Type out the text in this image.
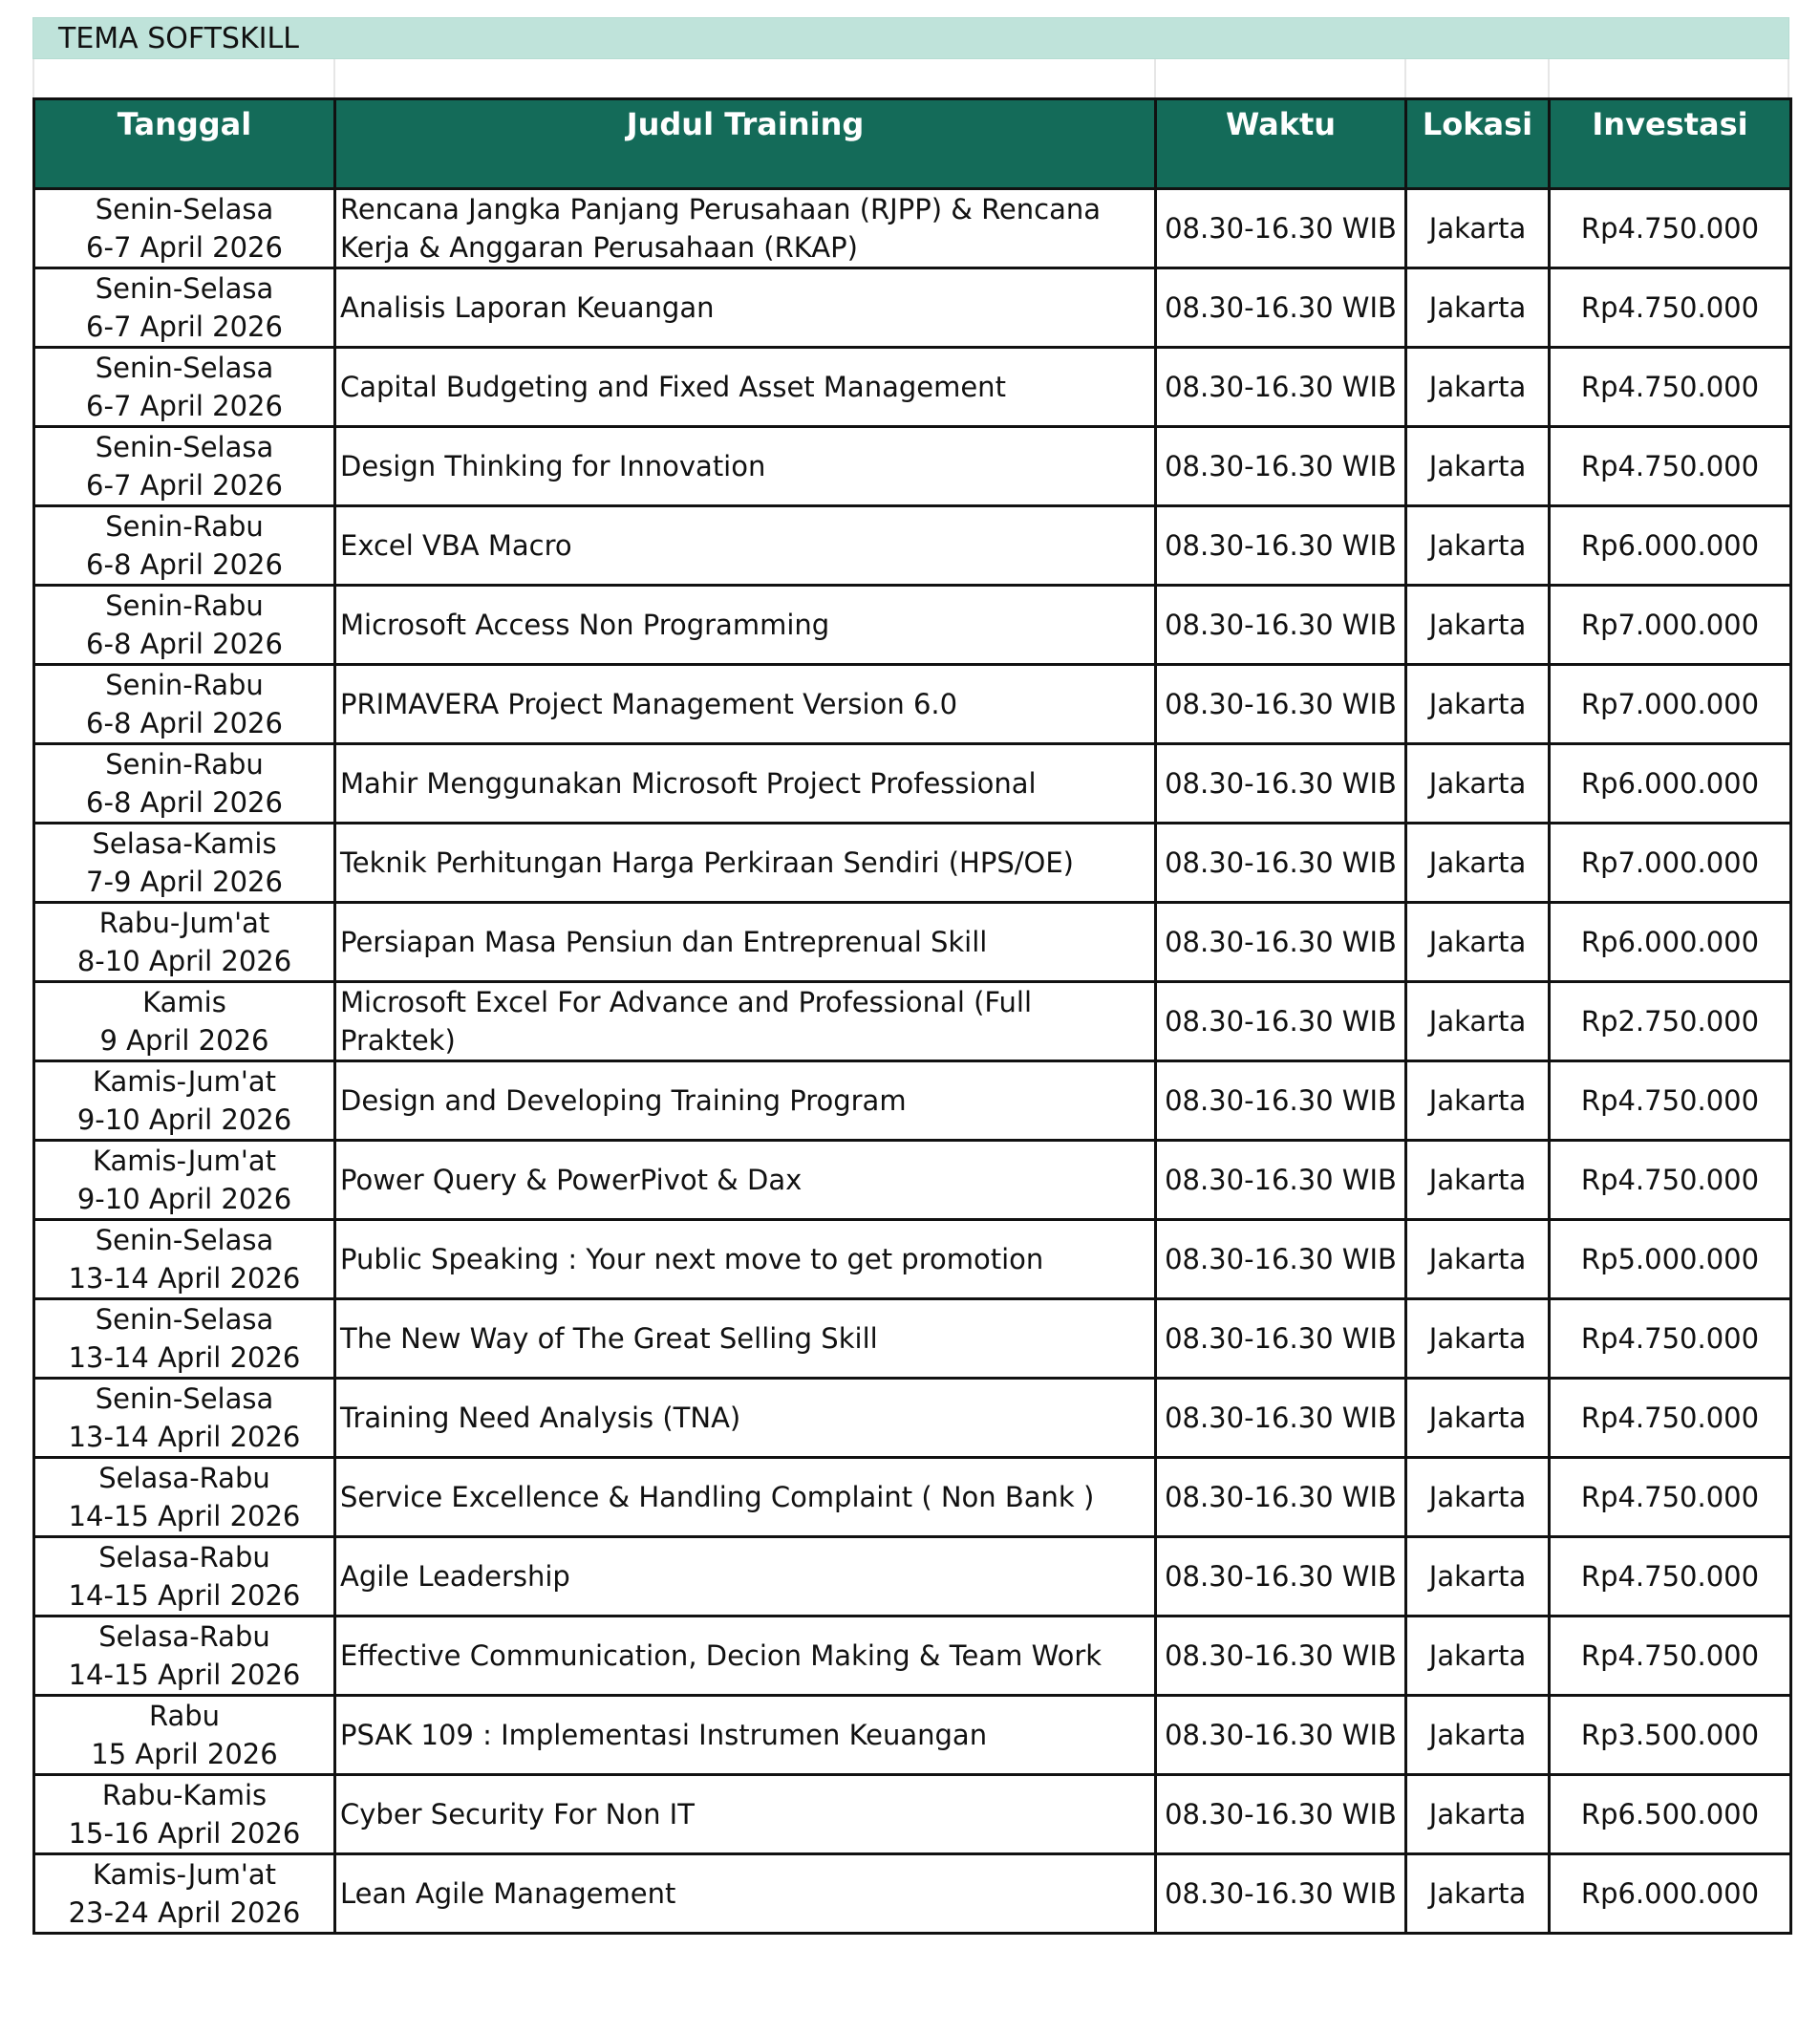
TEMA SOFTSKILL
Tanggal	Judul Training	Waktu	Lokasi	Investasi

Senin-Selasa
6-7 April 2026	Rencana Jangka Panjang Perusahaan (RJPP) & Rencana Kerja & Anggaran Perusahaan (RKAP)	08.30-16.30 WIB	Jakarta	Rp4.750.000

Senin-Selasa
6-7 April 2026	Analisis Laporan Keuangan	08.30-16.30 WIB	Jakarta	Rp4.750.000

Senin-Selasa
6-7 April 2026	Capital Budgeting and Fixed Asset Management	08.30-16.30 WIB	Jakarta	Rp4.750.000

Senin-Selasa
6-7 April 2026	Design Thinking for Innovation	08.30-16.30 WIB	Jakarta	Rp4.750.000

Senin-Rabu
6-8 April 2026	Excel VBA Macro	08.30-16.30 WIB	Jakarta	Rp6.000.000

Senin-Rabu
6-8 April 2026	Microsoft Access Non Programming	08.30-16.30 WIB	Jakarta	Rp7.000.000

Senin-Rabu
6-8 April 2026	PRIMAVERA Project Management Version 6.0	08.30-16.30 WIB	Jakarta	Rp7.000.000

Senin-Rabu
6-8 April 2026	Mahir Menggunakan Microsoft Project Professional	08.30-16.30 WIB	Jakarta	Rp6.000.000

Selasa-Kamis
7-9 April 2026	Teknik Perhitungan Harga Perkiraan Sendiri (HPS/OE)	08.30-16.30 WIB	Jakarta	Rp7.000.000

Rabu-Jum'at
8-10 April 2026	Persiapan Masa Pensiun dan Entreprenual Skill	08.30-16.30 WIB	Jakarta	Rp6.000.000

Kamis
9 April 2026	Microsoft Excel For Advance and Professional (Full Praktek)	08.30-16.30 WIB	Jakarta	Rp2.750.000

Kamis-Jum'at
9-10 April 2026	Design and Developing Training Program	08.30-16.30 WIB	Jakarta	Rp4.750.000

Kamis-Jum'at
9-10 April 2026	Power Query & PowerPivot & Dax	08.30-16.30 WIB	Jakarta	Rp4.750.000

Senin-Selasa
13-14 April 2026	Public Speaking : Your next move to get promotion	08.30-16.30 WIB	Jakarta	Rp5.000.000

Senin-Selasa
13-14 April 2026	The New Way of The Great Selling Skill	08.30-16.30 WIB	Jakarta	Rp4.750.000

Senin-Selasa
13-14 April 2026	Training Need Analysis (TNA)	08.30-16.30 WIB	Jakarta	Rp4.750.000

Selasa-Rabu
14-15 April 2026	Service Excellence & Handling Complaint ( Non Bank )	08.30-16.30 WIB	Jakarta	Rp4.750.000

Selasa-Rabu
14-15 April 2026	Agile Leadership	08.30-16.30 WIB	Jakarta	Rp4.750.000

Selasa-Rabu
14-15 April 2026	Effective Communication, Decion Making & Team Work	08.30-16.30 WIB	Jakarta	Rp4.750.000

Rabu
15 April 2026	PSAK 109 : Implementasi Instrumen Keuangan	08.30-16.30 WIB	Jakarta	Rp3.500.000

Rabu-Kamis
15-16 April 2026	Cyber Security For Non IT	08.30-16.30 WIB	Jakarta	Rp6.500.000

Kamis-Jum'at
23-24 April 2026	Lean Agile Management	08.30-16.30 WIB	Jakarta	Rp6.000.000
